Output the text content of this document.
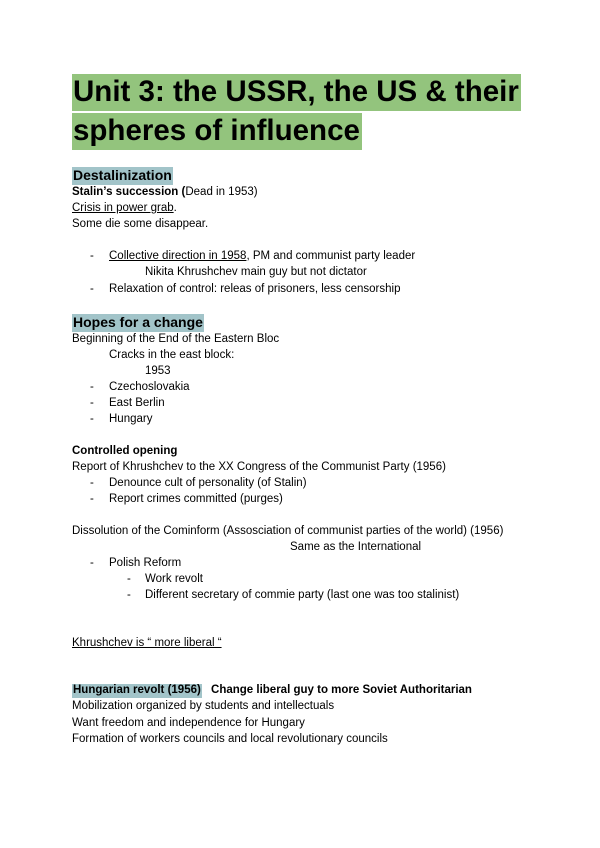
Unit 3: the USSR, the US & their
spheres of influence
Destalinization
Stalin’s succession (Dead in 1953)
Crisis in power grab.
Some die some disappear.
- Collective direction in 1958, PM and communist party leader
Nikita Khrushchev main guy but not dictator
- Relaxation of control: releas of prisoners, less censorship
Hopes for a change
Beginning of the End of the Eastern Bloc
Cracks in the east block:
1953
- Czechoslovakia
- East Berlin
- Hungary
Controlled opening
Report of Khrushchev to the XX Congress of the Communist Party (1956)
- Denounce cult of personality (of Stalin)
- Report crimes committed (purges)
Dissolution of the Cominform (Assosciation of communist parties of the world) (1956)
Same as the International
- Polish Reform
- Work revolt
- Different secretary of commie party (last one was too stalinist)
Khrushchev is “ more liberal “
Hungarian revolt (1956) Change liberal guy to more Soviet Authoritarian
Mobilization organized by students and intellectuals
Want freedom and independence for Hungary
Formation of workers councils and local revolutionary councils
